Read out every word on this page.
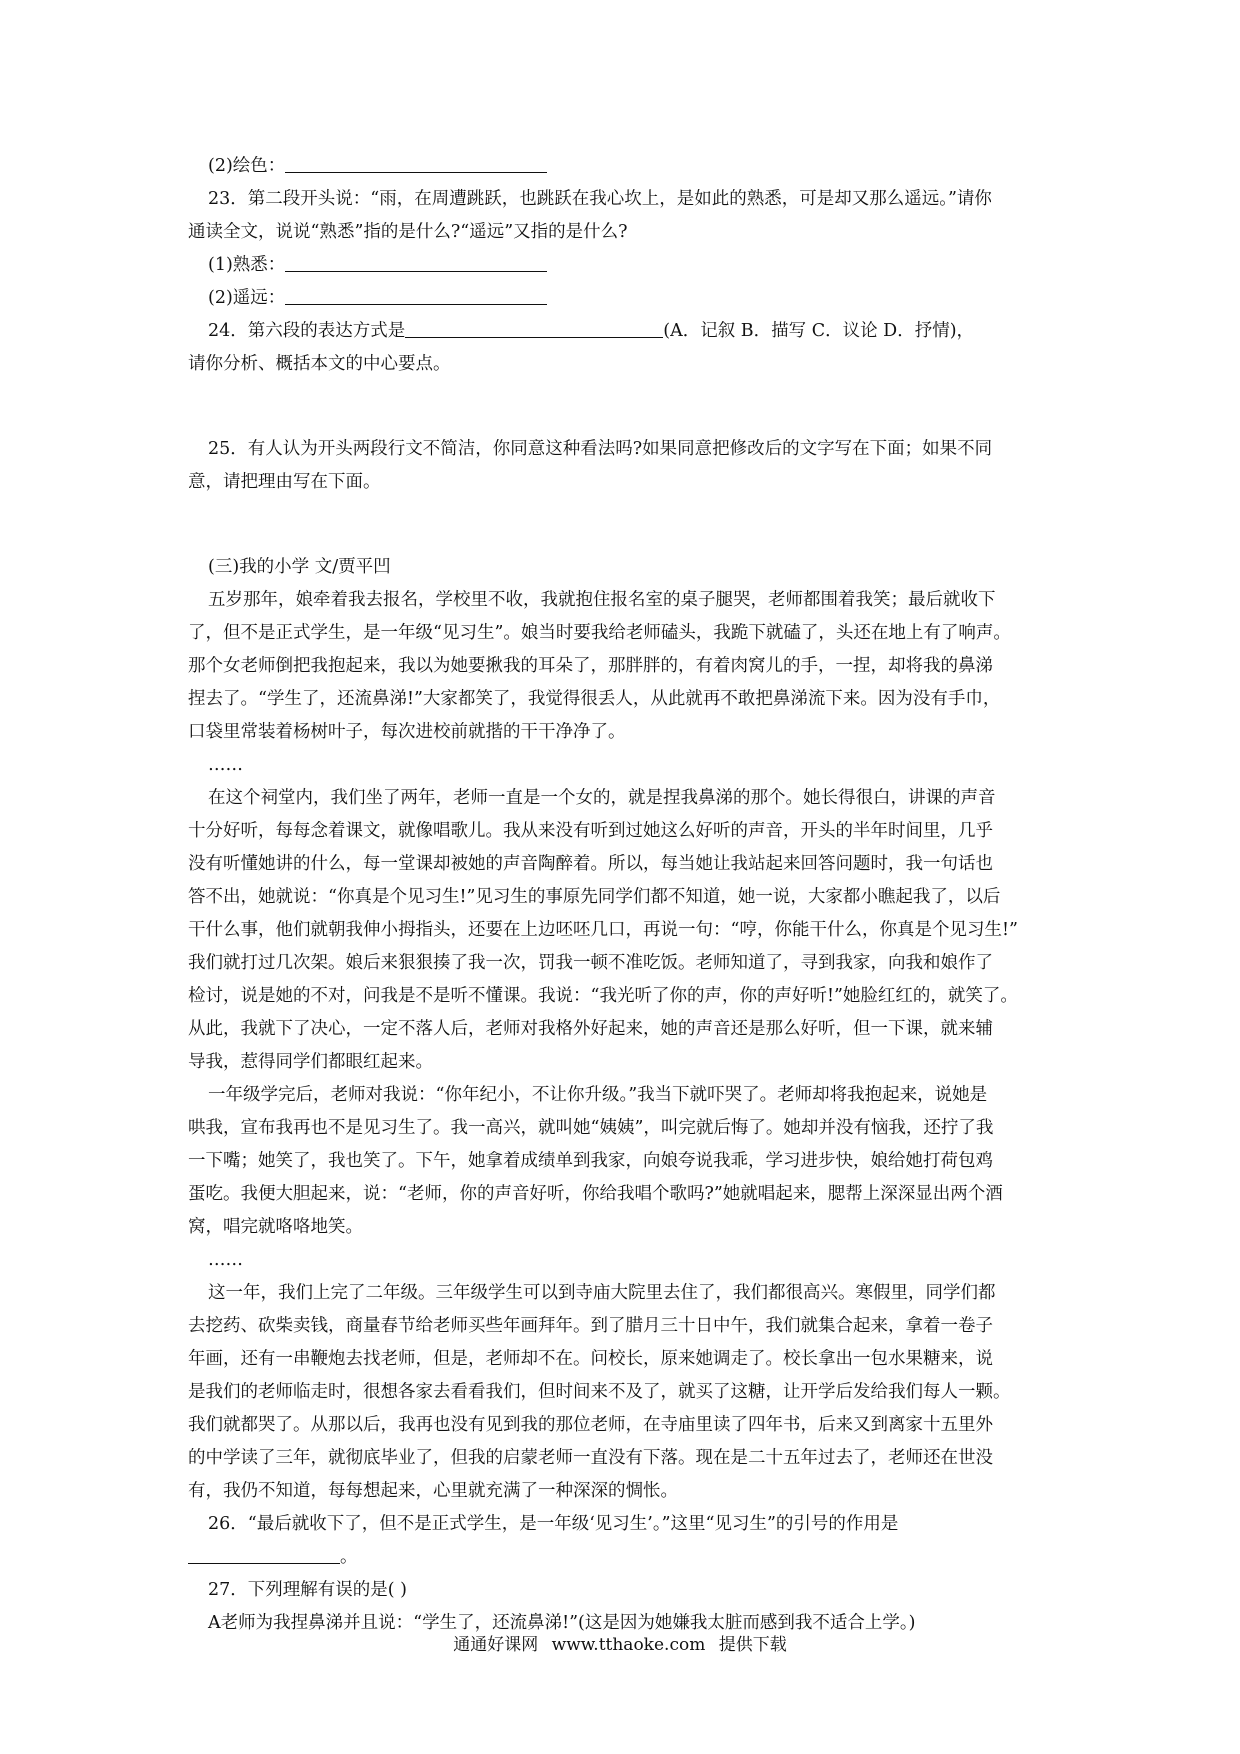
(2)绘色：
23．第二段开头说：“雨，在周遭跳跃，也跳跃在我心坎上，是如此的熟悉，可是却又那么遥远。”请你
通读全文，说说“熟悉”指的是什么?“遥远”又指的是什么?
(1)熟悉：
(2)遥远：
24．第六段的表达方式是	(A．记叙 B．描写 C．议论 D．抒情)，
请你分析、概括本文的中心要点。
25．有人认为开头两段行文不简洁，你同意这种看法吗?如果同意把修改后的文字写在下面；如果不同
意，请把理由写在下面。
(三)我的小学 文/贾平凹
五岁那年，娘牵着我去报名，学校里不收，我就抱住报名室的桌子腿哭，老师都围着我笑；最后就收下
了，但不是正式学生，是一年级“见习生”。娘当时要我给老师磕头，我跪下就磕了，头还在地上有了响声。
那个女老师倒把我抱起来，我以为她要揪我的耳朵了，那胖胖的，有着肉窝儿的手，一捏，却将我的鼻涕
捏去了。“学生了，还流鼻涕!”大家都笑了，我觉得很丢人，从此就再不敢把鼻涕流下来。因为没有手巾，
口袋里常装着杨树叶子，每次进校前就揩的干干净净了。
……
在这个祠堂内，我们坐了两年，老师一直是一个女的，就是捏我鼻涕的那个。她长得很白，讲课的声音
十分好听，每每念着课文，就像唱歌儿。我从来没有听到过她这么好听的声音，开头的半年时间里，几乎
没有听懂她讲的什么，每一堂课却被她的声音陶醉着。所以，每当她让我站起来回答问题时，我一句话也
答不出，她就说：“你真是个见习生!”见习生的事原先同学们都不知道，她一说，大家都小瞧起我了，以后
干什么事，他们就朝我伸小拇指头，还要在上边呸呸几口，再说一句：“哼，你能干什么，你真是个见习生!”
我们就打过几次架。娘后来狠狠揍了我一次，罚我一顿不准吃饭。老师知道了，寻到我家，向我和娘作了
检讨，说是她的不对，问我是不是听不懂课。我说：“我光听了你的声，你的声好听!”她脸红红的，就笑了。
从此，我就下了决心，一定不落人后，老师对我格外好起来，她的声音还是那么好听，但一下课，就来辅
导我，惹得同学们都眼红起来。
一年级学完后，老师对我说：“你年纪小，不让你升级。”我当下就吓哭了。老师却将我抱起来，说她是
哄我，宣布我再也不是见习生了。我一高兴，就叫她“姨姨”，叫完就后悔了。她却并没有恼我，还拧了我
一下嘴；她笑了，我也笑了。下午，她拿着成绩单到我家，向娘夸说我乖，学习进步快，娘给她打荷包鸡
蛋吃。我便大胆起来，说：“老师，你的声音好听，你给我唱个歌吗?”她就唱起来，腮帮上深深显出两个酒
窝，唱完就咯咯地笑。
……
这一年，我们上完了二年级。三年级学生可以到寺庙大院里去住了，我们都很高兴。寒假里，同学们都
去挖药、砍柴卖钱，商量春节给老师买些年画拜年。到了腊月三十日中午，我们就集合起来，拿着一卷子
年画，还有一串鞭炮去找老师，但是，老师却不在。问校长，原来她调走了。校长拿出一包水果糖来，说
是我们的老师临走时，很想各家去看看我们，但时间来不及了，就买了这糖，让开学后发给我们每人一颗。
我们就都哭了。从那以后，我再也没有见到我的那位老师，在寺庙里读了四年书，后来又到离家十五里外
的中学读了三年，就彻底毕业了，但我的启蒙老师一直没有下落。现在是二十五年过去了，老师还在世没
有，我仍不知道，每每想起来，心里就充满了一种深深的惆怅。
26．“最后就收下了，但不是正式学生，是一年级‘见习生’。”这里“见习生”的引号的作用是
。
27．下列理解有误的是( )
A老师为我捏鼻涕并且说：“学生了，还流鼻涕!”(这是因为她嫌我太脏而感到我不适合上学。)
通通好课网 www.tthaoke.com 提供下载
